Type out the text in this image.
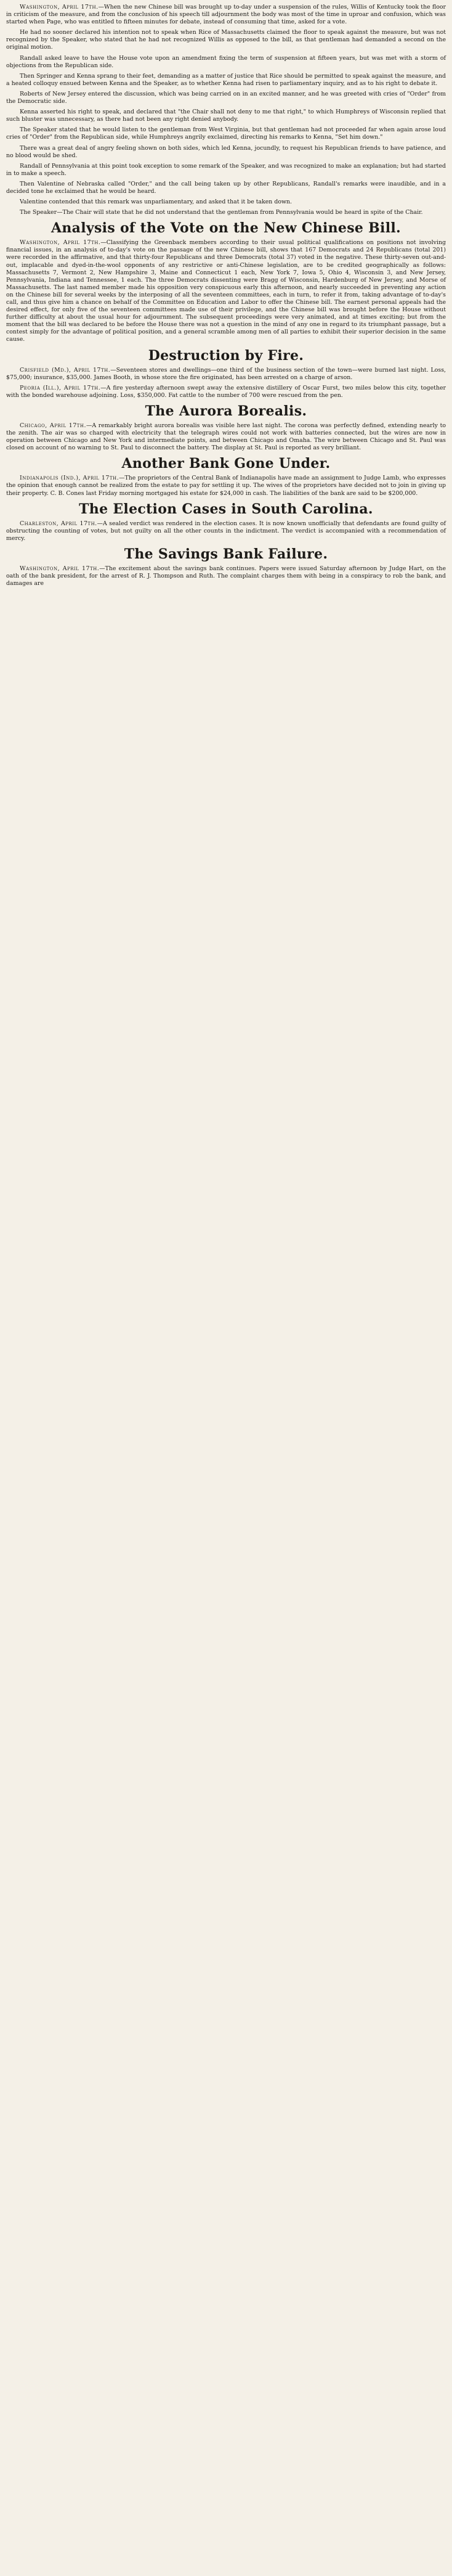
Washington, April 17th.—When the new Chinese bill was brought up to-day under a suspension of the rules, Willis of Kentucky took the floor in criticism of the measure, and from the conclusion of his speech till adjournment the body was most of the time in uproar and confusion, which was started when Page, who was entitled to fifteen minutes for debate, instead of consuming that time, asked for a vote.

He had no sooner declared his intention not to speak when Rice of Massachusetts claimed the floor to speak against the measure, but was not recognized by the Speaker, who stated that he had not recognized Willis as opposed to the bill, as that gentleman had demanded a second on the original motion.

Randall asked leave to have the House vote upon an amendment fixing the term of suspension at fifteen years, but was met with a storm of objections from the Republican side.

Then Springer and Kenna sprang to their feet, demanding as a matter of justice that Rice should be permitted to speak against the measure, and a heated colloquy ensued between Kenna and the Speaker, as to whether Kenna had risen to parliamentary inquiry, and as to his right to debate it.

Roberts of New Jersey entered the discussion, which was being carried on in an excited manner, and he was greeted with cries of "Order" from the Democratic side.

Kenna asserted his right to speak, and declared that "the Chair shall not deny to me that right," to which Humphreys of Wisconsin replied that such bluster was unnecessary, as there had not been any right denied anybody.

The Speaker stated that he would listen to the gentleman from West Virginia, but that gentleman had not proceeded far when again arose loud cries of "Order" from the Republican side, while Humphreys angrily exclaimed, directing his remarks to Kenna, "Set him down."

There was a great deal of angry feeling shown on both sides, which led Kenna, jocundly, to request his Republican friends to have patience, and no blood would be shed.

Randall of Pennsylvania at this point took exception to some remark of the Speaker, and was recognized to make an explanation; but had started in to make a speech.

Then Valentine of Nebraska called "Order," and the call being taken up by other Republicans, Randall's remarks were inaudible, and in a decided tone he exclaimed that he would be heard.

Valentine contended that this remark was unparliamentary, and asked that it be taken down.

The Speaker—The Chair will state that he did not understand that the gentleman from Pennsylvania would be heard in spite of the Chair.

Analysis of the Vote on the New Chinese Bill.

Washington, April 17th.—Classifying the Greenback members according to their usual political qualifications on positions not involving financial issues, in an analysis of to-day's vote on the passage of the new Chinese bill, shows that 167 Democrats and 24 Republicans (total 201) were recorded in the affirmative, and that thirty-four Republicans and three Democrats (total 37) voted in the negative. These thirty-seven out-and-out, implacable and dyed-in-the-wool opponents of any restrictive or anti-Chinese legislation, are to be credited geographically as follows: Massachusetts 7, Vermont 2, New Hampshire 3, Maine and Connecticut 1 each, New York 7, Iowa 5, Ohio 4, Wisconsin 3, and New Jersey, Pennsylvania, Indiana and Tennessee, 1 each. The three Democrats dissenting were Bragg of Wisconsin, Hardenburg of New Jersey, and Morse of Massachusetts. The last named member made his opposition very conspicuous early this afternoon, and nearly succeeded in preventing any action on the Chinese bill for several weeks by the interposing of all the seventeen committees, each in turn, to refer it from, taking advantage of to-day's call, and thus give him a chance on behalf of the Committee on Education and Labor to offer the Chinese bill. The earnest personal appeals had the desired effect, for only five of the seventeen committees made use of their privilege, and the Chinese bill was brought before the House without further difficulty at about the usual hour for adjournment. The subsequent proceedings were very animated, and at times exciting; but from the moment that the bill was declared to be before the House there was not a question in the mind of any one in regard to its triumphant passage, but a contest simply for the advantage of political position, and a general scramble among men of all parties to exhibit their superior decision in the same cause.

Destruction by Fire.

Crisfield (Md.), April 17th.—Seventeen stores and dwellings—one third of the business section of the town—were burned last night. Loss, $75,000; insurance, $35,000. James Booth, in whose store the fire originated, has been arrested on a charge of arson.

Peoria (Ill.), April 17th.—A fire yesterday afternoon swept away the extensive distillery of Oscar Furst, two miles below this city, together with the bonded warehouse adjoining. Loss, $350,000. Fat cattle to the number of 700 were rescued from the pen.

The Aurora Borealis.

Chicago, April 17th.—A remarkably bright aurora borealis was visible here last night. The corona was perfectly defined, extending nearly to the zenith. The air was so charged with electricity that the telegraph wires could not work with batteries connected, but the wires are now in operation between Chicago and New York and intermediate points, and between Chicago and Omaha. The wire between Chicago and St. Paul was closed on account of no warning to St. Paul to disconnect the battery. The display at St. Paul is reported as very brilliant.

Another Bank Gone Under.

Indianapolis (Ind.), April 17th.—The proprietors of the Central Bank of Indianapolis have made an assignment to Judge Lamb, who expresses the opinion that enough cannot be realized from the estate to pay for settling it up. The wives of the proprietors have decided not to join in giving up their property. C. B. Cones last Friday morning mortgaged his estate for $24,000 in cash. The liabilities of the bank are said to be $200,000.

The Election Cases in South Carolina.

Charleston, April 17th.—A sealed verdict was rendered in the election cases. It is now known unofficially that defendants are found guilty of obstructing the counting of votes, but not guilty on all the other counts in the indictment. The verdict is accompanied with a recommendation of mercy.

The Savings Bank Failure.

Washington, April 17th.—The excitement about the savings bank continues. Papers were issued Saturday afternoon by Judge Hart, on the oath of the bank president, for the arrest of R. J. Thompson and Ruth. The complaint charges them with being in a conspiracy to rob the bank, and damages are
